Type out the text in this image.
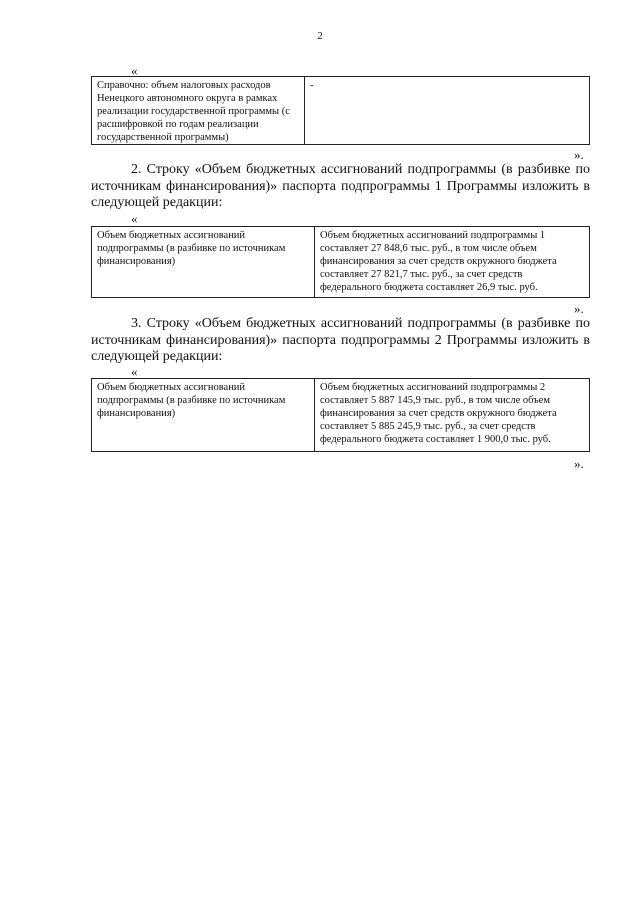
2
«
Справочно: объем налоговых расходов Ненецкого автономного округа в рамках реализации государственной программы (с расшифровкой по годам реализации государственной программы)
-
».
2. Строку «Объем бюджетных ассигнований подпрограммы (в разбивке по источникам финансирования)» паспорта подпрограммы 1 Программы изложить в следующей редакции:
«
Объем бюджетных ассигнований подпрограммы (в разбивке по источникам финансирования)
Объем бюджетных ассигнований подпрограммы 1 составляет 27 848,6 тыс. руб., в том числе объем финансирования за счет средств окружного бюджета составляет 27 821,7 тыс. руб., за счет средств федерального бюджета составляет 26,9 тыс. руб.
».
3. Строку «Объем бюджетных ассигнований подпрограммы (в разбивке по источникам финансирования)» паспорта подпрограммы 2 Программы изложить в следующей редакции:
«
Объем бюджетных ассигнований подпрограммы (в разбивке по источникам финансирования)
Объем бюджетных ассигнований подпрограммы 2 составляет 5 887 145,9 тыс. руб., в том числе объем финансирования за счет средств окружного бюджета составляет 5 885 245,9 тыс. руб., за счет средств федерального бюджета составляет 1 900,0 тыс. руб.
».
